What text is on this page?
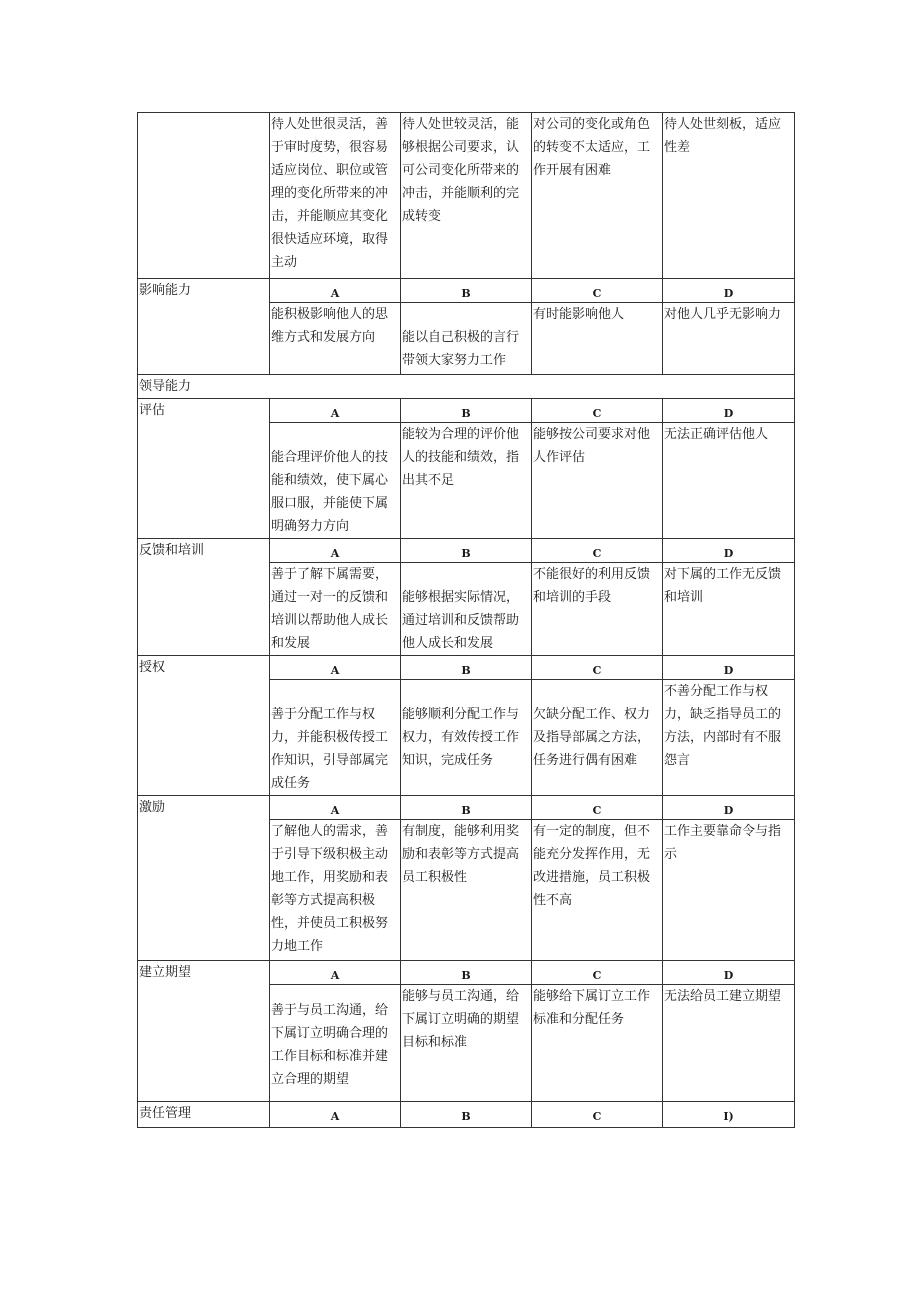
	待人处世很灵活，善于审时度势，很容易适应岗位、职位或管理的变化所带来的冲击，并能顺应其变化很快适应环境，取得主动	待人处世较灵活，能够根据公司要求，认可公司变化所带来的冲击，并能顺利的完成转变	对公司的变化或角色的转变不太适应，工作开展有困难	待人处世刻板，适应性差
影响能力	A	B	C	D
	能积极影响他人的思维方式和发展方向	能以自己积极的言行带领大家努力工作	有时能影响他人	对他人几乎无影响力
领导能力				
评估	A	B	C	D
	能合理评价他人的技能和绩效，使下属心服口服，并能使下属明确努力方向	能较为合理的评价他人的技能和绩效，指出其不足	能够按公司要求对他人作评估	无法正确评估他人
反馈和培训	A	B	C	D
	善于了解下属需要，通过一对一的反馈和培训以帮助他人成长和发展	能够根据实际情况，通过培训和反馈帮助他人成长和发展	不能很好的利用反馈和培训的手段	对下属的工作无反馈和培训
授权	A	B	C	D
	善于分配工作与权力，并能积极传授工作知识，引导部属完成任务	能够顺利分配工作与权力，有效传授工作知识，完成任务	欠缺分配工作、权力及指导部属之方法，任务进行偶有困难	不善分配工作与权力，缺乏指导员工的方法，内部时有不服怨言
激励	A	B	C	D
	了解他人的需求，善于引导下级积极主动地工作，用奖励和表彰等方式提高积极性，并使员工积极努力地工作	有制度，能够利用奖励和表彰等方式提高员工积极性	有一定的制度，但不能充分发挥作用，无改进措施，员工积极性不高	工作主要靠命令与指示
建立期望	A	B	C	D
	善于与员工沟通，给下属订立明确合理的工作目标和标准并建立合理的期望	能够与员工沟通，给下属订立明确的期望目标和标准	能够给下属订立工作标准和分配任务	无法给员工建立期望
责任管理	A	B	C	I)
